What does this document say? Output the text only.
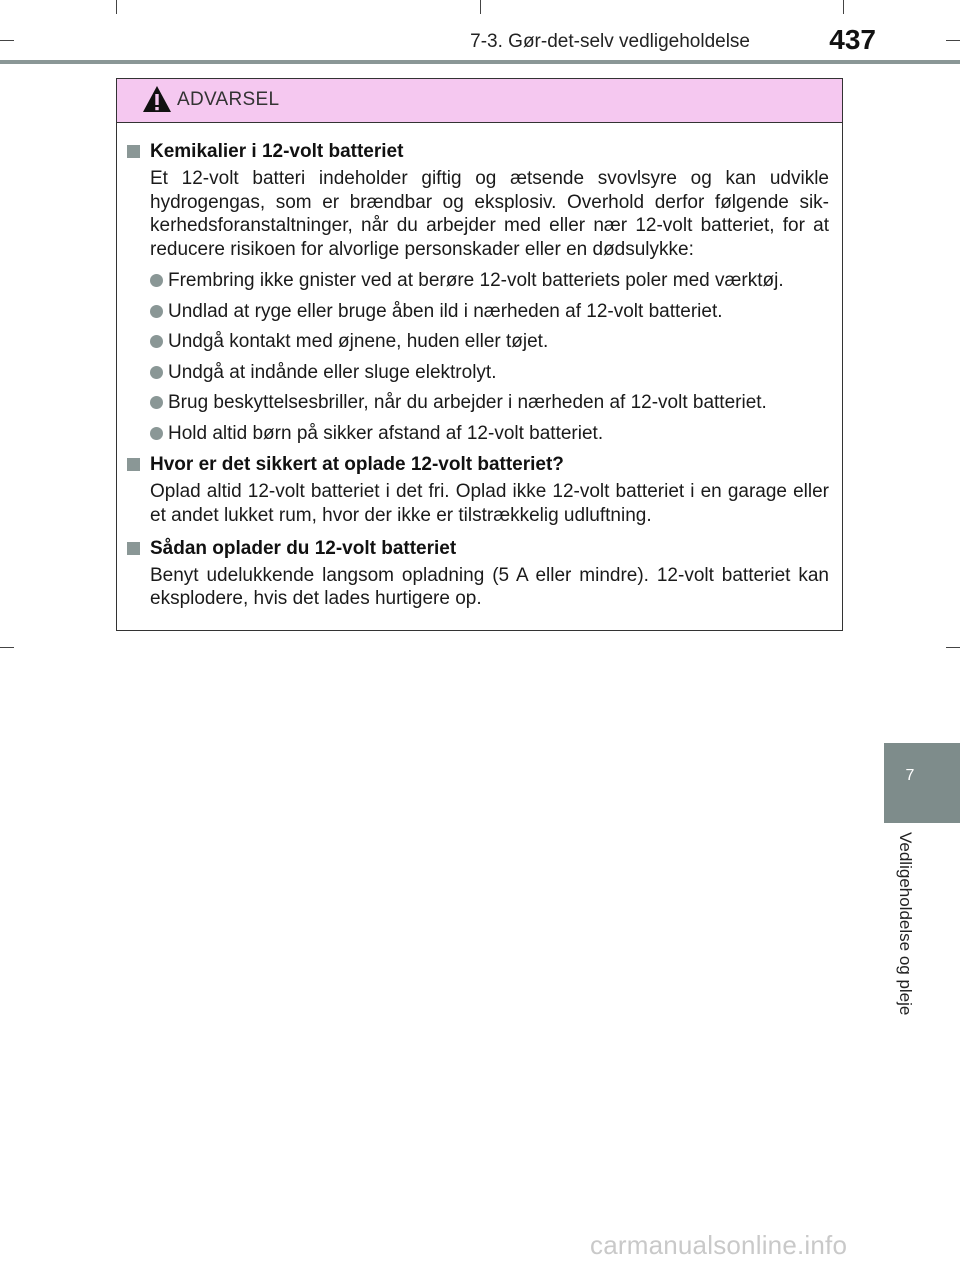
7-3. Gør-det-selv vedligeholdelse	437
ADVARSEL
Kemikalier i 12-volt batteriet
Et 12-volt batteri indeholder giftig og ætsende svovlsyre og kan udvikle hydrogengas, som er brændbar og eksplosiv. Overhold derfor følgende sik-kerhedsforanstaltninger, når du arbejder med eller nær 12-volt batteriet, for at reducere risikoen for alvorlige personskader eller en dødsulykke:
Frembring ikke gnister ved at berøre 12-volt batteriets poler med værktøj.
Undlad at ryge eller bruge åben ild i nærheden af 12-volt batteriet.
Undgå kontakt med øjnene, huden eller tøjet.
Undgå at indånde eller sluge elektrolyt.
Brug beskyttelsesbriller, når du arbejder i nærheden af 12-volt batteriet.
Hold altid børn på sikker afstand af 12-volt batteriet.
Hvor er det sikkert at oplade 12-volt batteriet?
Oplad altid 12-volt batteriet i det fri. Oplad ikke 12-volt batteriet i en garage eller et andet lukket rum, hvor der ikke er tilstrækkelig udluftning.
Sådan oplader du 12-volt batteriet
Benyt udelukkende langsom opladning (5 A eller mindre). 12-volt batteriet kan eksplodere, hvis det lades hurtigere op.
7
Vedligeholdelse og pleje
carmanualsonline.info
